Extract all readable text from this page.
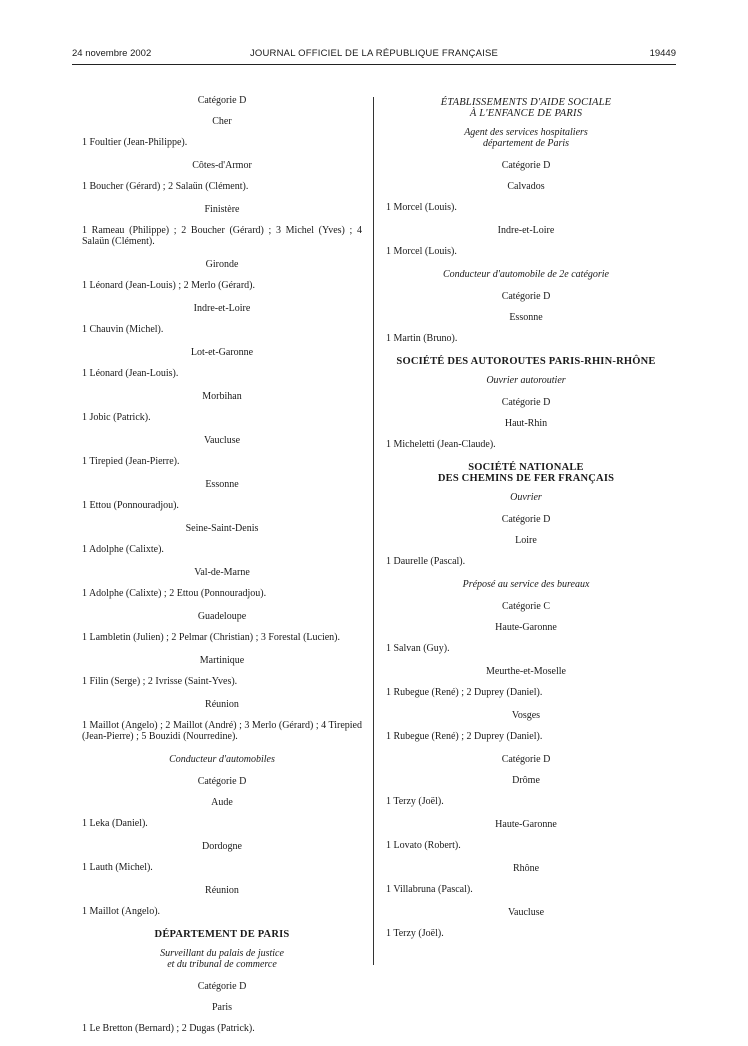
24 novembre 2002	JOURNAL OFFICIEL DE LA RÉPUBLIQUE FRANÇAISE	19449

Catégorie D

Cher

1 Foultier (Jean-Philippe).

Côtes-d'Armor

1 Boucher (Gérard) ; 2 Salaün (Clément).

Finistère

1 Rameau (Philippe) ; 2 Boucher (Gérard) ; 3 Michel (Yves) ; 4 Salaün (Clément).

Gironde

1 Léonard (Jean-Louis) ; 2 Merlo (Gérard).

Indre-et-Loire

1 Chauvin (Michel).

Lot-et-Garonne

1 Léonard (Jean-Louis).

Morbihan

1 Jobic (Patrick).

Vaucluse

1 Tirepied (Jean-Pierre).

Essonne

1 Ettou (Ponnouradjou).

Seine-Saint-Denis

1 Adolphe (Calixte).

Val-de-Marne

1 Adolphe (Calixte) ; 2 Ettou (Ponnouradjou).

Guadeloupe

1 Lambletin (Julien) ; 2 Pelmar (Christian) ; 3 Forestal (Lucien).

Martinique

1 Filin (Serge) ; 2 Ivrisse (Saint-Yves).

Réunion

1 Maillot (Angelo) ; 2 Maillot (André) ; 3 Merlo (Gérard) ; 4 Tirepied (Jean-Pierre) ; 5 Bouzidi (Nourredine).

Conducteur d'automobiles

Catégorie D

Aude

1 Leka (Daniel).

Dordogne

1 Lauth (Michel).

Réunion

1 Maillot (Angelo).

DÉPARTEMENT DE PARIS

Surveillant du palais de justice
et du tribunal de commerce

Catégorie D

Paris

1 Le Bretton (Bernard) ; 2 Dugas (Patrick).

ÉTABLISSEMENTS D'AIDE SOCIALE
À L'ENFANCE DE PARIS

Agent des services hospitaliers
département de Paris

Catégorie D

Calvados

1 Morcel (Louis).

Indre-et-Loire

1 Morcel (Louis).

Conducteur d'automobile de 2e catégorie

Catégorie D

Essonne

1 Martin (Bruno).

SOCIÉTÉ DES AUTOROUTES PARIS-RHIN-RHÔNE

Ouvrier autoroutier

Catégorie D

Haut-Rhin

1 Micheletti (Jean-Claude).

SOCIÉTÉ NATIONALE
DES CHEMINS DE FER FRANÇAIS

Ouvrier

Catégorie D

Loire

1 Daurelle (Pascal).

Préposé au service des bureaux

Catégorie C

Haute-Garonne

1 Salvan (Guy).

Meurthe-et-Moselle

1 Rubegue (René) ; 2 Duprey (Daniel).

Vosges

1 Rubegue (René) ; 2 Duprey (Daniel).

Catégorie D

Drôme

1 Terzy (Joël).

Haute-Garonne

1 Lovato (Robert).

Rhône

1 Villabruna (Pascal).

Vaucluse

1 Terzy (Joël).
